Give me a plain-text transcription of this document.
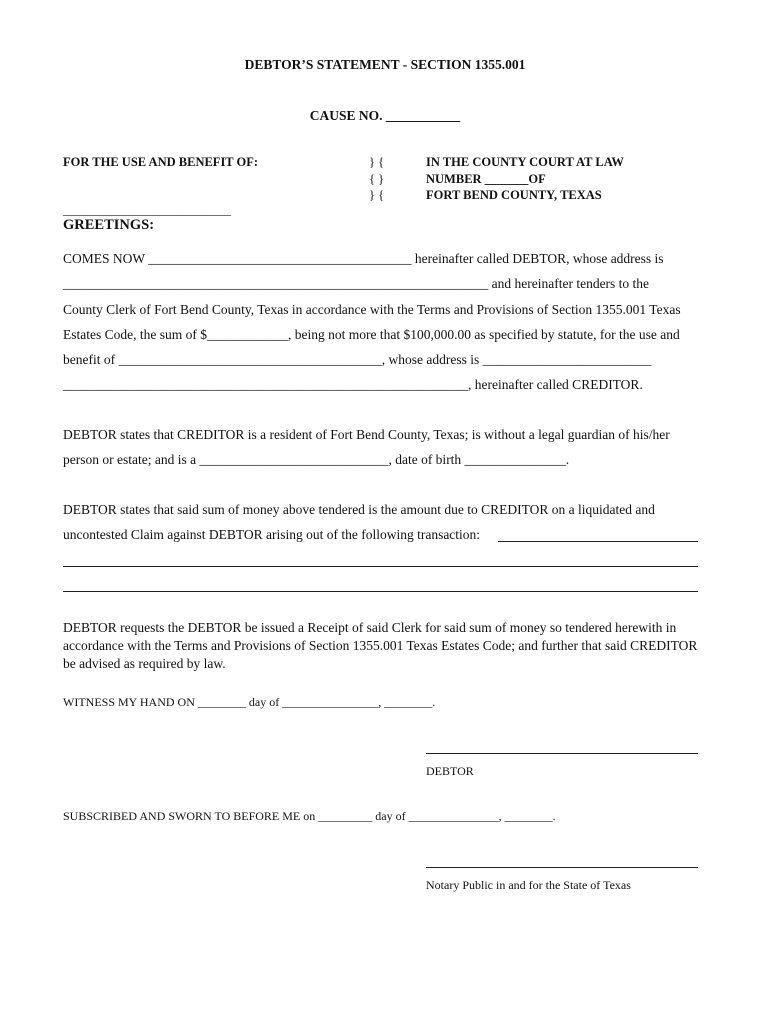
DEBTOR’S STATEMENT - SECTION 1355.001
CAUSE NO. ___________
FOR THE USE AND BENEFIT OF:	} {
{ }
} {
IN THE COUNTY COURT AT LAW
NUMBER _______OF
FORT BEND COUNTY, TEXAS
____________________________
GREETINGS:
COMES NOW _______________________________________ hereinafter called DEBTOR, whose address is
_______________________________________________________________ and hereinafter tenders to the
County Clerk of Fort Bend County, Texas in accordance with the Terms and Provisions of Section 1355.001 Texas
Estates Code, the sum of $____________, being not more that $100,000.00 as specified by statute, for the use and
benefit of _______________________________________, whose address is _________________________
____________________________________________________________, hereinafter called CREDITOR.
DEBTOR states that CREDITOR is a resident of Fort Bend County, Texas; is without a legal guardian of his/her
person or estate; and is a ____________________________, date of birth _______________.
DEBTOR states that said sum of money above tendered is the amount due to CREDITOR on a liquidated and
uncontested Claim against DEBTOR arising out of the following transaction:
DEBTOR requests the DEBTOR be issued a Receipt of said Clerk for said sum of money so tendered herewith in accordance with the Terms and Provisions of Section 1355.001 Texas Estates Code; and further that said CREDITOR be advised as required by law.
WITNESS MY HAND ON ________ day of ________________, ________.
DEBTOR
SUBSCRIBED AND SWORN TO BEFORE ME on _________ day of _______________, ________.
Notary Public in and for the State of Texas
